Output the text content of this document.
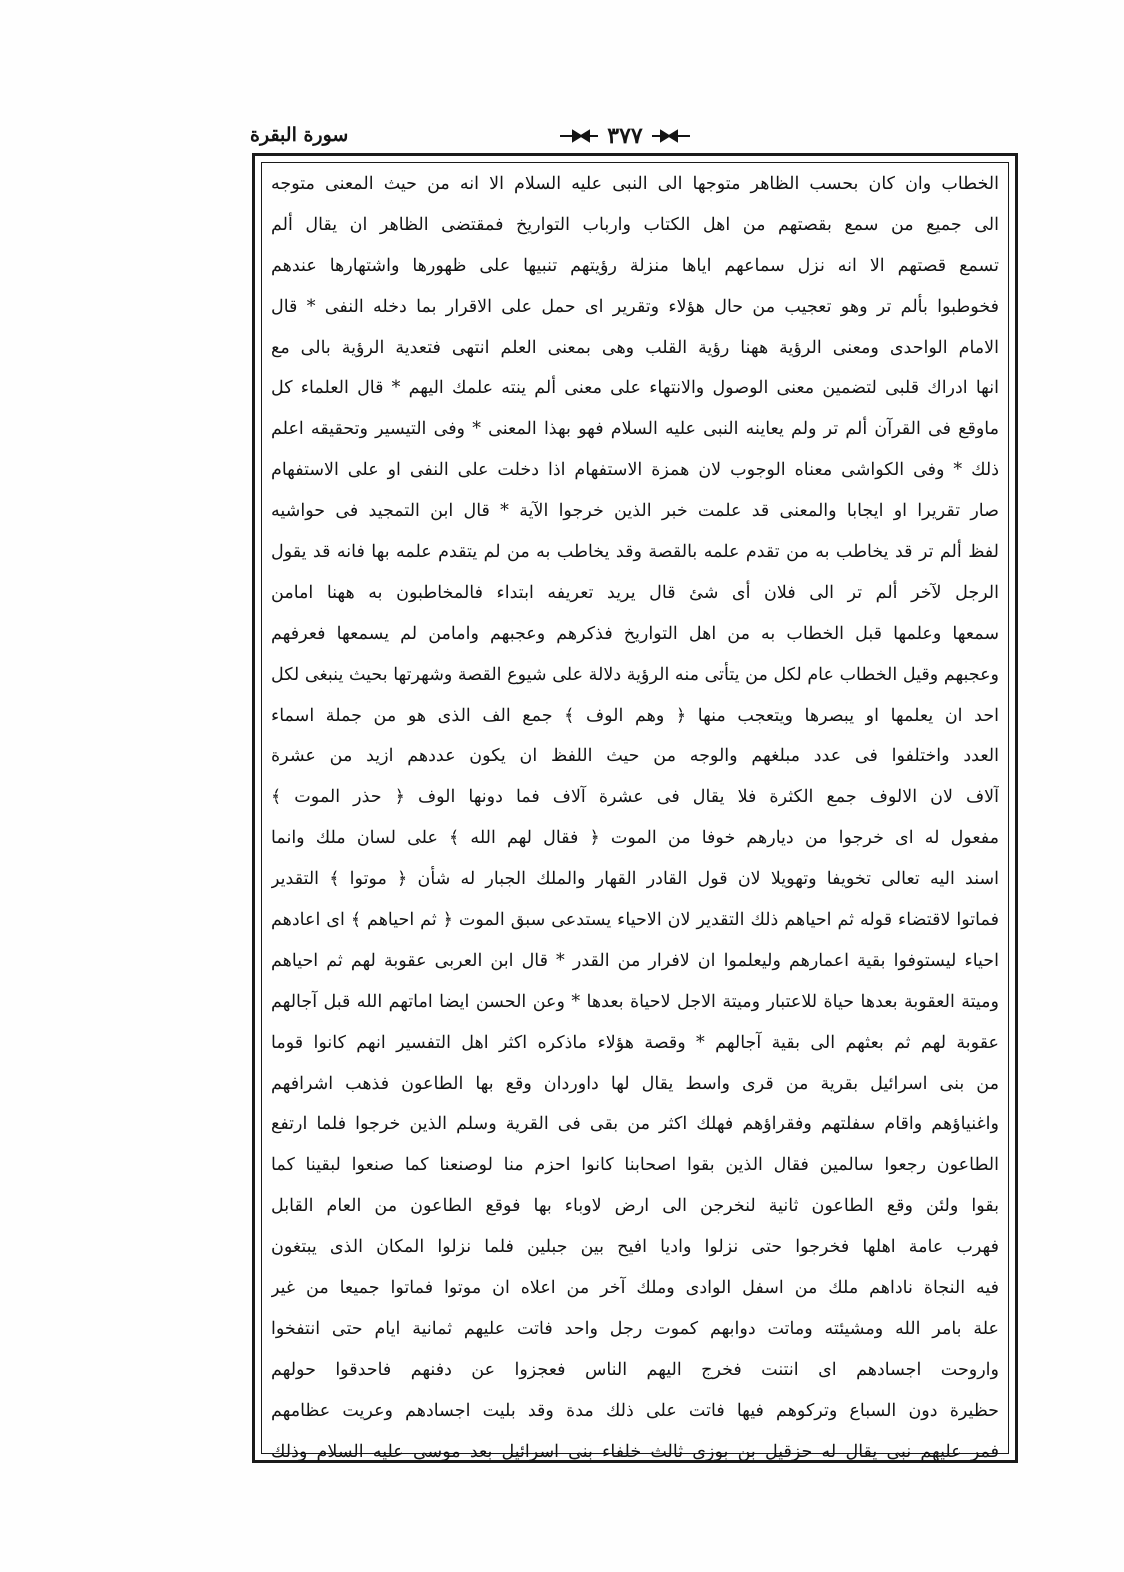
سورة البقرة	٣٧٧
الخطاب وان كان بحسب الظاهر متوجها الى النبى عليه السلام الا انه من حيث المعنى متوجه
الى جميع من سمع بقصتهم من اهل الكتاب وارباب التواريخ فمقتضى الظاهر ان يقال ألم
تسمع قصتهم الا انه نزل سماعهم اياها منزلة رؤيتهم تنبيها على ظهورها واشتهارها عندهم
فخوطبوا بألم تر وهو تعجيب من حال هؤلاء وتقرير اى حمل على الاقرار بما دخله النفى * قال
الامام الواحدى ومعنى الرؤية ههنا رؤية القلب وهى بمعنى العلم انتهى فتعدية الرؤية بالى مع
انها ادراك قلبى لتضمين معنى الوصول والانتهاء على معنى ألم ينته علمك اليهم * قال العلماء كل
ماوقع فى القرآن ألم تر ولم يعاينه النبى عليه السلام فهو بهذا المعنى * وفى التيسير وتحقيقه اعلم
ذلك * وفى الكواشى معناه الوجوب لان همزة الاستفهام اذا دخلت على النفى او على الاستفهام
صار تقريرا او ايجابا والمعنى قد علمت خبر الذين خرجوا الآية * قال ابن التمجيد فى حواشيه
لفظ ألم تر قد يخاطب به من تقدم علمه بالقصة وقد يخاطب به من لم يتقدم علمه بها فانه قد يقول
الرجل لآخر ألم تر الى فلان أى شئ قال يريد تعريفه ابتداء فالمخاطبون به ههنا امامن
سمعها وعلمها قبل الخطاب به من اهل التواريخ فذكرهم وعجبهم وامامن لم يسمعها فعرفهم
وعجبهم وقيل الخطاب عام لكل من يتأتى منه الرؤية دلالة على شيوع القصة وشهرتها بحيث ينبغى لكل
احد ان يعلمها او يبصرها ويتعجب منها ﴿ وهم الوف ﴾ جمع الف الذى هو من جملة اسماء
العدد واختلفوا فى عدد مبلغهم والوجه من حيث اللفظ ان يكون عددهم ازيد من عشرة
آلاف لان الالوف جمع الكثرة فلا يقال فى عشرة آلاف فما دونها الوف ﴿ حذر الموت ﴾
مفعول له اى خرجوا من ديارهم خوفا من الموت ﴿ فقال لهم الله ﴾ على لسان ملك وانما
اسند اليه تعالى تخويفا وتهويلا لان قول القادر القهار والملك الجبار له شأن ﴿ موتوا ﴾ التقدير
فماتوا لاقتضاء قوله ثم احياهم ذلك التقدير لان الاحياء يستدعى سبق الموت ﴿ ثم احياهم ﴾ اى اعادهم
احياء ليستوفوا بقية اعمارهم وليعلموا ان لافرار من القدر * قال ابن العربى عقوبة لهم ثم احياهم
وميتة العقوبة بعدها حياة للاعتبار وميتة الاجل لاحياة بعدها * وعن الحسن ايضا اماتهم الله قبل آجالهم
عقوبة لهم ثم بعثهم الى بقية آجالهم * وقصة هؤلاء ماذكره اكثر اهل التفسير انهم كانوا قوما
من بنى اسرائيل بقرية من قرى واسط يقال لها داوردان وقع بها الطاعون فذهب اشرافهم
واغنياؤهم واقام سفلتهم وفقراؤهم فهلك اكثر من بقى فى القرية وسلم الذين خرجوا فلما ارتفع
الطاعون رجعوا سالمين فقال الذين بقوا اصحابنا كانوا احزم منا لوصنعنا كما صنعوا لبقينا كما
بقوا ولئن وقع الطاعون ثانية لنخرجن الى ارض لاوباء بها فوقع الطاعون من العام القابل
فهرب عامة اهلها فخرجوا حتى نزلوا واديا افيح بين جبلين فلما نزلوا المكان الذى يبتغون
فيه النجاة ناداهم ملك من اسفل الوادى وملك آخر من اعلاه ان موتوا فماتوا جميعا من غير
علة بامر الله ومشيئته وماتت دوابهم كموت رجل واحد فاتت عليهم ثمانية ايام حتى انتفخوا
واروحت اجسادهم اى انتنت فخرج اليهم الناس فعجزوا عن دفنهم فاحدقوا حولهم
حظيرة دون السباع وتركوهم فيها فاتت على ذلك مدة وقد بليت اجسادهم وعريت عظامهم
فمر عليهم نبى يقال له حزقيل بن بوزى ثالث خلفاء بنى اسرائيل بعد موسى عليه السلام وذلك
